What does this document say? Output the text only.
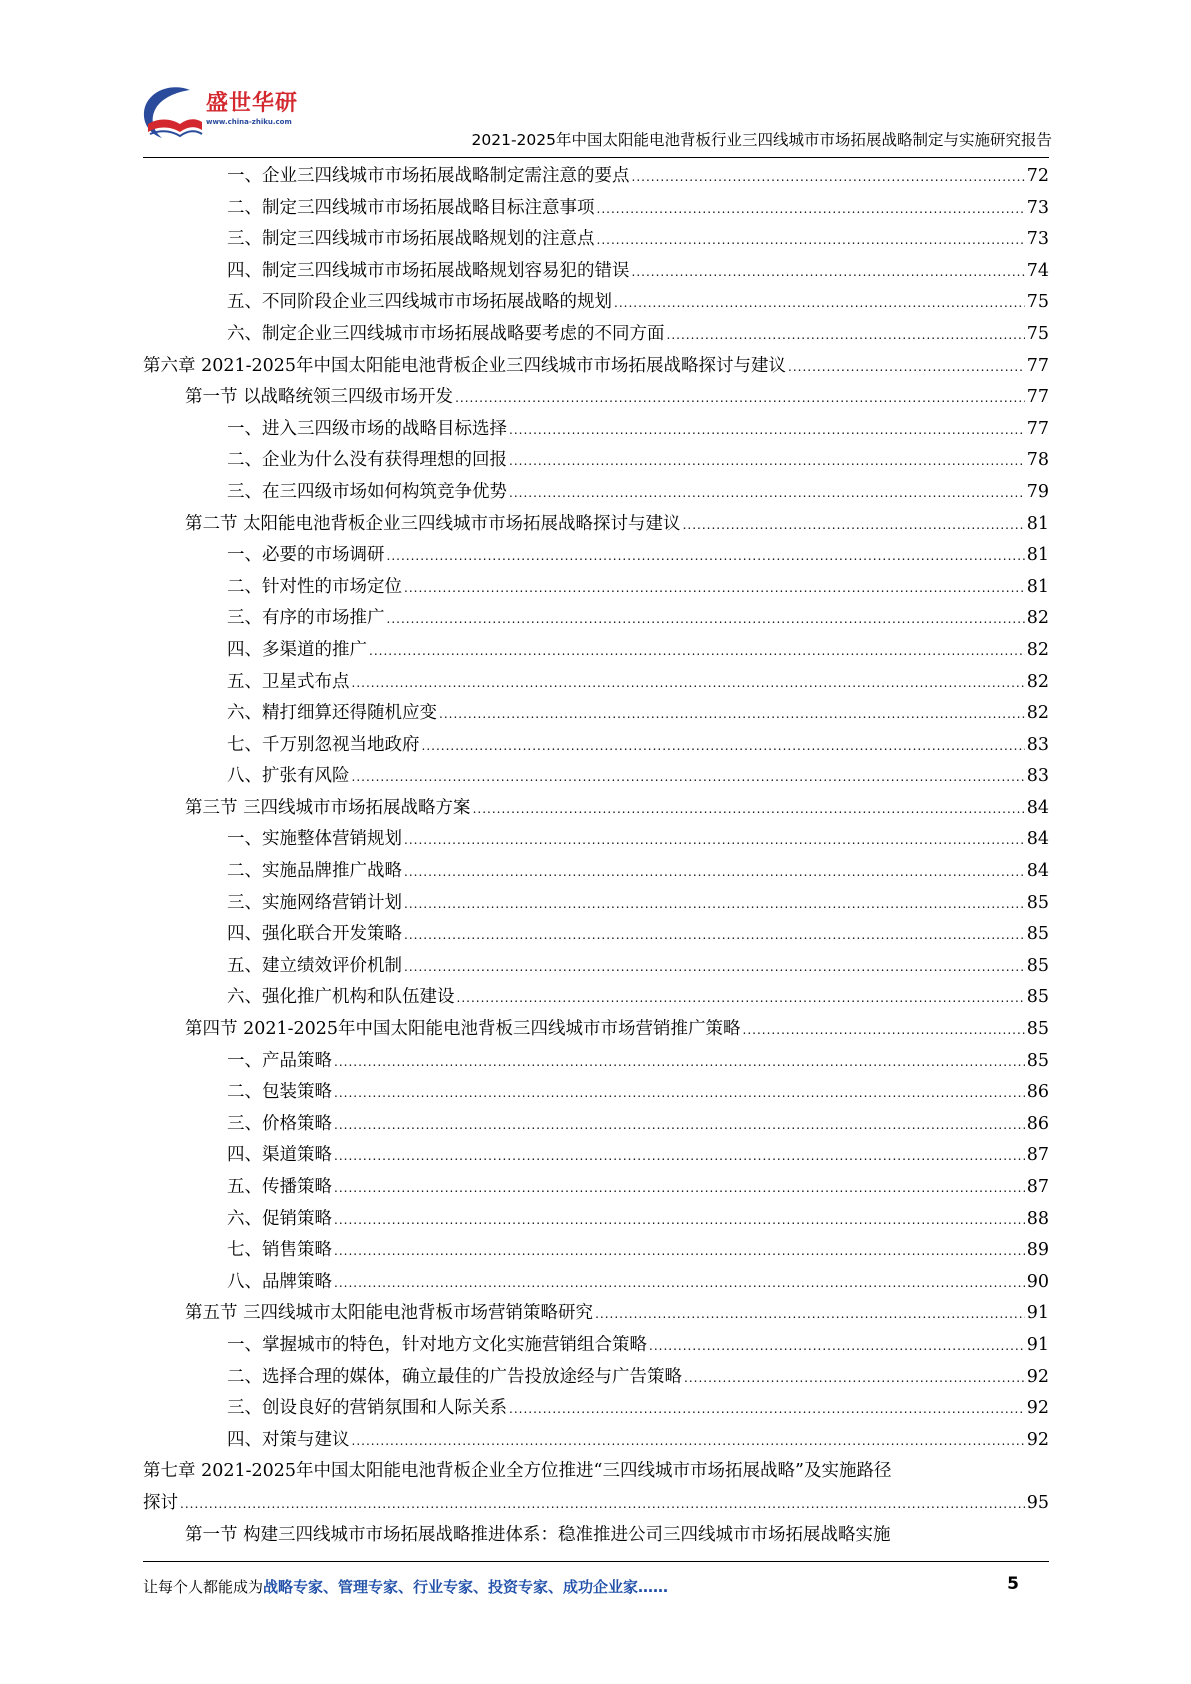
盛世华研
www.china-zhiku.com
2021-2025年中国太阳能电池背板行业三四线城市市场拓展战略制定与实施研究报告
一、企业三四线城市市场拓展战略制定需注意的要点 .....	72
二、制定三四线城市市场拓展战略目标注意事项 .....	73
三、制定三四线城市市场拓展战略规划的注意点 .....	73
四、制定三四线城市市场拓展战略规划容易犯的错误 .....	74
五、不同阶段企业三四线城市市场拓展战略的规划 .....	75
六、制定企业三四线城市市场拓展战略要考虑的不同方面 .....	75
第六章 2021-2025年中国太阳能电池背板企业三四线城市市场拓展战略探讨与建议 .....	77
第一节 以战略统领三四级市场开发 .....	77
一、进入三四级市场的战略目标选择 .....	77
二、企业为什么没有获得理想的回报 .....	78
三、在三四级市场如何构筑竞争优势 .....	79
第二节 太阳能电池背板企业三四线城市市场拓展战略探讨与建议 .....	81
一、必要的市场调研 .....	81
二、针对性的市场定位 .....	81
三、有序的市场推广 .....	82
四、多渠道的推广 .....	82
五、卫星式布点 .....	82
六、精打细算还得随机应变 .....	82
七、千万别忽视当地政府 .....	83
八、扩张有风险 .....	83
第三节 三四线城市市场拓展战略方案 .....	84
一、实施整体营销规划 .....	84
二、实施品牌推广战略 .....	84
三、实施网络营销计划 .....	85
四、强化联合开发策略 .....	85
五、建立绩效评价机制 .....	85
六、强化推广机构和队伍建设 .....	85
第四节 2021-2025年中国太阳能电池背板三四线城市市场营销推广策略 .....	85
一、产品策略 .....	85
二、包装策略 .....	86
三、价格策略 .....	86
四、渠道策略 .....	87
五、传播策略 .....	87
六、促销策略 .....	88
七、销售策略 .....	89
八、品牌策略 .....	90
第五节 三四线城市太阳能电池背板市场营销策略研究 .....	91
一、掌握城市的特色，针对地方文化实施营销组合策略 .....	91
二、选择合理的媒体，确立最佳的广告投放途经与广告策略 .....	92
三、创设良好的营销氛围和人际关系 .....	92
四、对策与建议 .....	92
第七章 2021-2025年中国太阳能电池背板企业全方位推进“三四线城市市场拓展战略”及实施路径
探讨 .....	95
第一节 构建三四线城市市场拓展战略推进体系：稳准推进公司三四线城市市场拓展战略实施
让每个人都能成为战略专家、管理专家、行业专家、投资专家、成功企业家……	5
